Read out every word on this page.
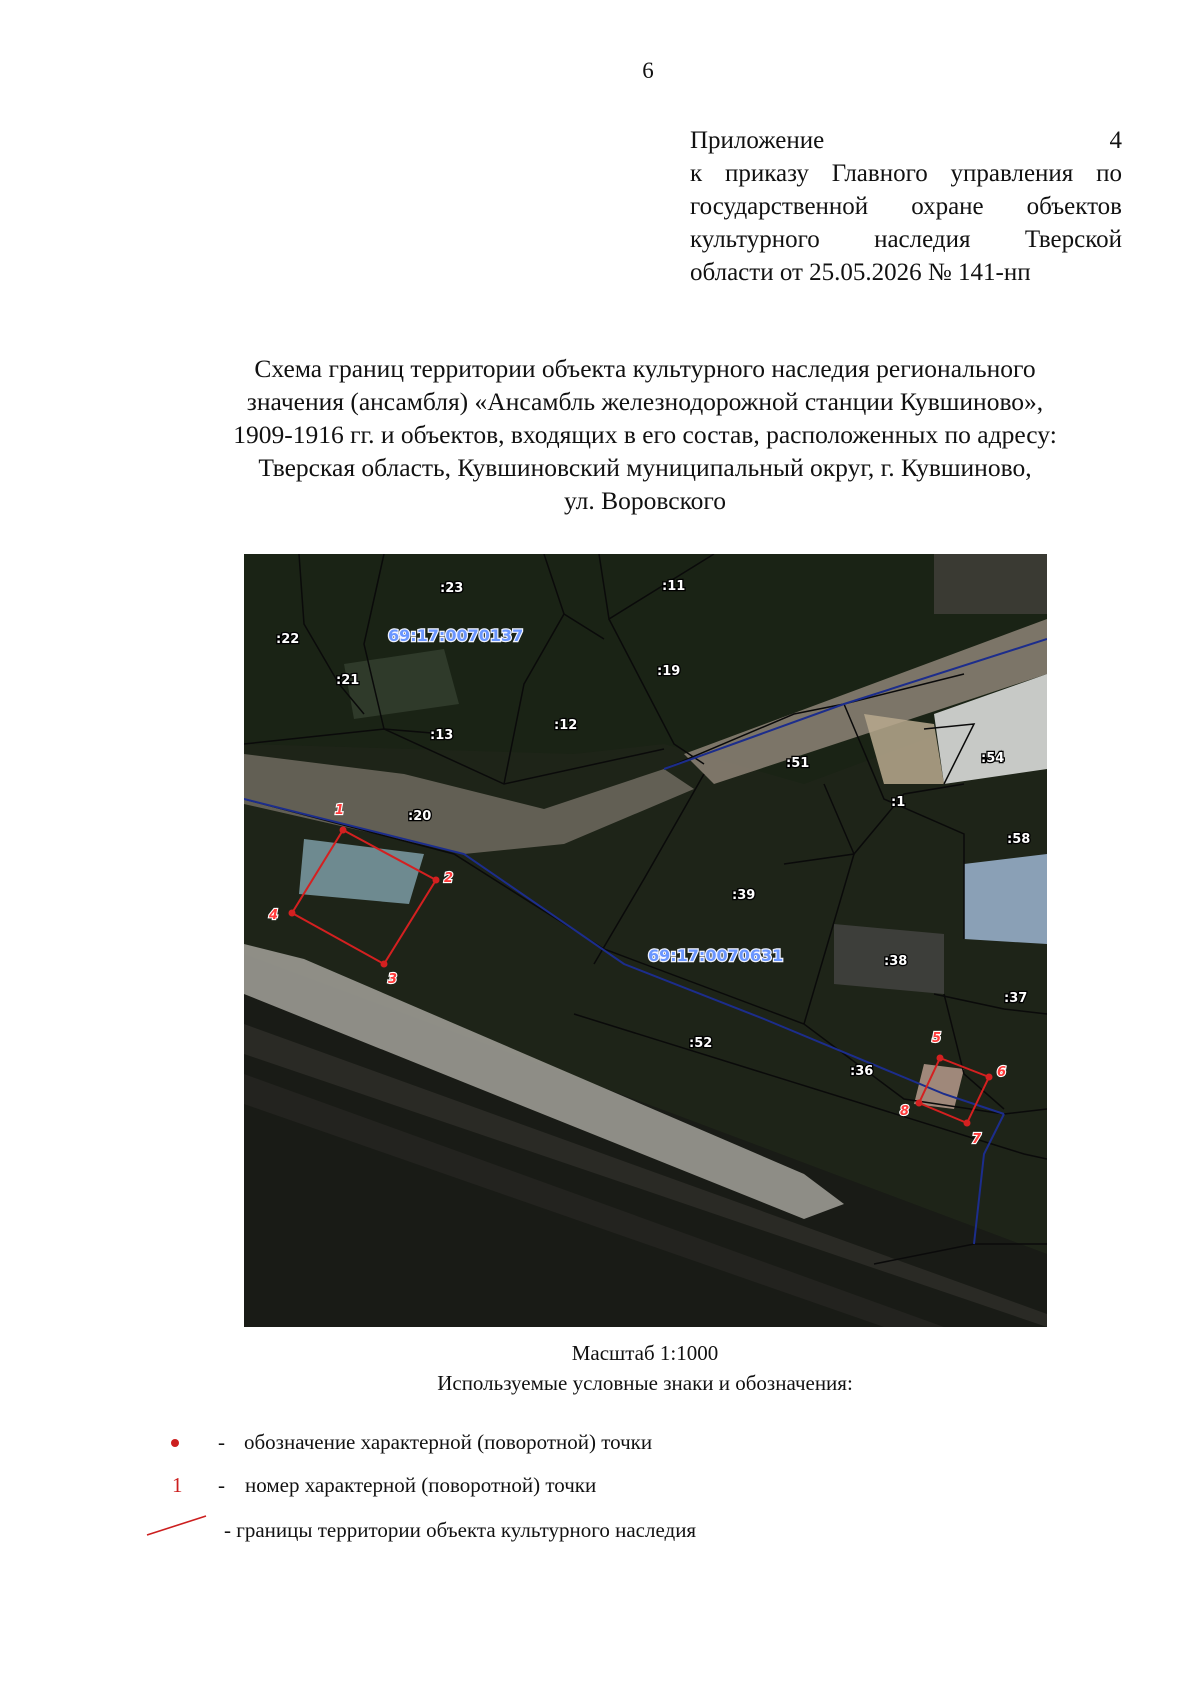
6
Приложение 4
к приказу Главного управления по
государственной охране объектов
культурного наследия Тверской
области от 25.05.2026 № 141-нп
Схема границ территории объекта культурного наследия регионального
значения (ансамбля) «Ансамбль железнодорожной станции Кувшиново»,
1909-1916 гг. и объектов, входящих в его состав, расположенных по адресу:
Тверская область, Кувшиновский муниципальный округ, г. Кувшиново,
ул. Воровского
:23	:11
:22
:21
:19
:12
:13
:51	:54
:1
:20
:58
:39
:38
:37
:52
:36
69:17:0070137
69:17:0070631
1
2
3
4
5
6
7
8
Масштаб 1:1000
Используемые условные знаки и обозначения:
- обозначение характерной (поворотной) точки
1 - номер характерной (поворотной) точки
- границы территории объекта культурного наследия
